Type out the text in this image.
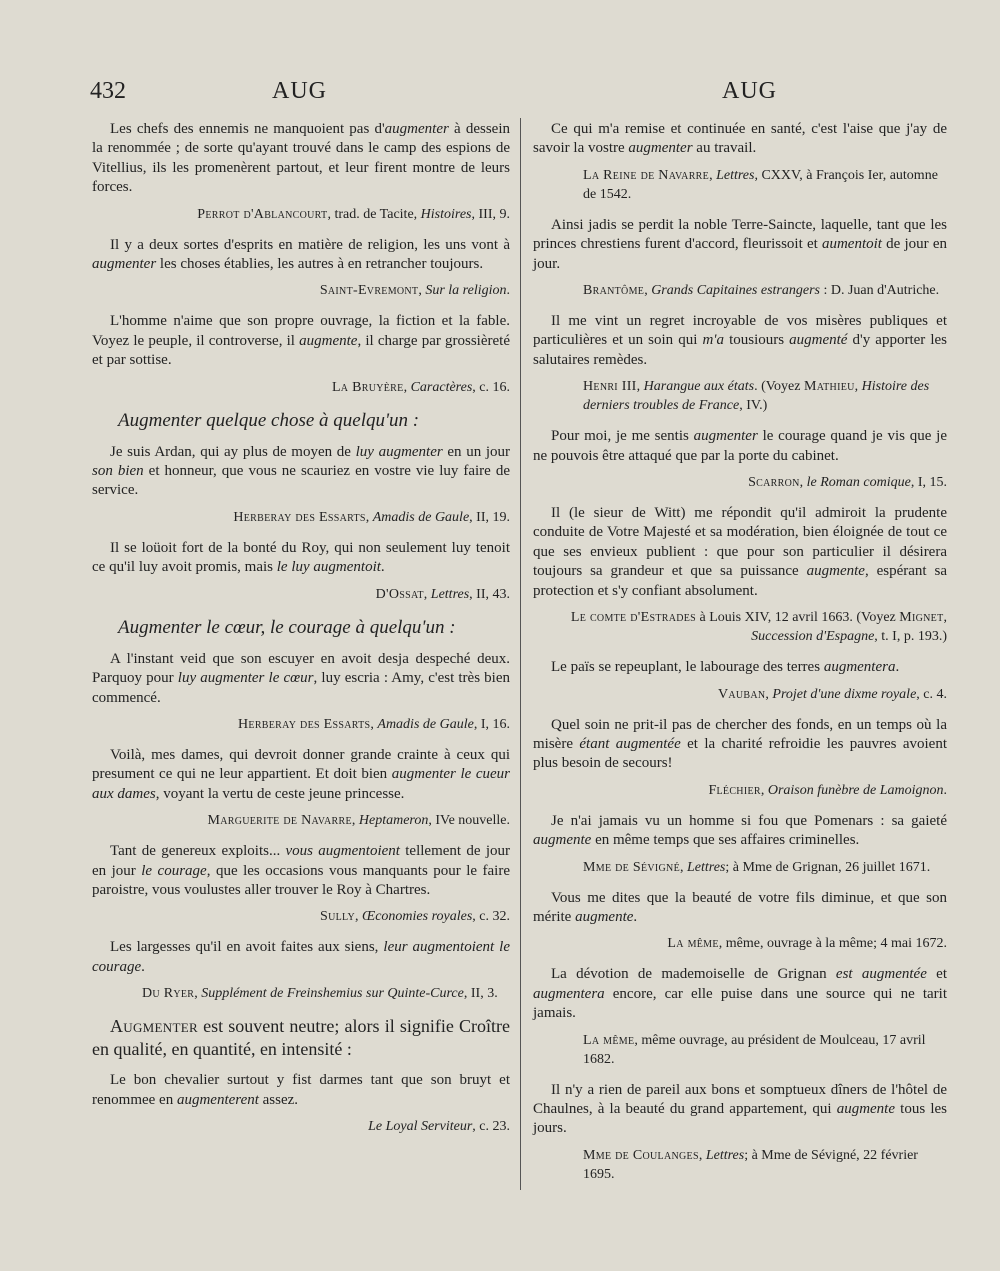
432	AUG	AUG

Les chefs des ennemis ne manquoient pas d'augmenter à dessein la renommée ; de sorte qu'ayant trouvé dans le camp des espions de Vitellius, ils les promenèrent partout, et leur firent montre de leurs forces.

Perrot d'Ablancourt, trad. de Tacite, Histoires, III, 9.

Il y a deux sortes d'esprits en matière de religion, les uns vont à augmenter les choses établies, les autres à en retrancher toujours.

Saint-Evremont, Sur la religion.

L'homme n'aime que son propre ouvrage, la fiction et la fable. Voyez le peuple, il controverse, il augmente, il charge par grossièreté et par sottise.

La Bruyère, Caractères, c. 16.

Augmenter quelque chose à quelqu'un :

Je suis Ardan, qui ay plus de moyen de luy augmenter en un jour son bien et honneur, que vous ne scauriez en vostre vie luy faire de service.

Herberay des Essarts, Amadis de Gaule, II, 19.

Il se loüoit fort de la bonté du Roy, qui non seulement luy tenoit ce qu'il luy avoit promis, mais le luy augmentoit.

D'Ossat, Lettres, II, 43.

Augmenter le cœur, le courage à quelqu'un :

A l'instant veid que son escuyer en avoit desja despeché deux. Parquoy pour luy augmenter le cœur, luy escria : Amy, c'est très bien commencé.

Herberay des Essarts, Amadis de Gaule, I, 16.

Voilà, mes dames, qui devroit donner grande crainte à ceux qui presument ce qui ne leur appartient. Et doit bien augmenter le cueur aux dames, voyant la vertu de ceste jeune princesse.

Marguerite de Navarre, Heptameron, IVe nouvelle.

Tant de genereux exploits... vous augmentoient tellement de jour en jour le courage, que les occasions vous manquants pour le faire paroistre, vous voulustes aller trouver le Roy à Chartres.

Sully, Œconomies royales, c. 32.

Les largesses qu'il en avoit faites aux siens, leur augmentoient le courage.

Du Ryer, Supplément de Freinshemius sur Quinte-Curce, II, 3.

Augmenter est souvent neutre; alors il signifie Croître en qualité, en quantité, en intensité :

Le bon chevalier surtout y fist darmes tant que son bruyt et renommee en augmenterent assez.

Le Loyal Serviteur, c. 23.

Ce qui m'a remise et continuée en santé, c'est l'aise que j'ay de savoir la vostre augmenter au travail.

La Reine de Navarre, Lettres, CXXV, à François Ier, automne de 1542.

Ainsi jadis se perdit la noble Terre-Saincte, laquelle, tant que les princes chrestiens furent d'accord, fleurissoit et aumentoit de jour en jour.

Brantôme, Grands Capitaines estrangers : D. Juan d'Autriche.

Il me vint un regret incroyable de vos misères publiques et particulières et un soin qui m'a tousiours augmenté d'y apporter les salutaires remèdes.

Henri III, Harangue aux états. (Voyez Mathieu, Histoire des derniers troubles de France, IV.)

Pour moi, je me sentis augmenter le courage quand je vis que je ne pouvois être attaqué que par la porte du cabinet.

Scarron, le Roman comique, I, 15.

Il (le sieur de Witt) me répondit qu'il admiroit la prudente conduite de Votre Majesté et sa modération, bien éloignée de tout ce que ses envieux publient : que pour son particulier il désirera toujours sa grandeur et que sa puissance augmente, espérant sa protection et s'y confiant absolument.

Le comte d'Estrades à Louis XIV, 12 avril 1663. (Voyez Mignet, Succession d'Espagne, t. I, p. 193.)

Le païs se repeuplant, le labourage des terres augmentera.

Vauban, Projet d'une dixme royale, c. 4.

Quel soin ne prit-il pas de chercher des fonds, en un temps où la misère étant augmentée et la charité refroidie les pauvres avoient plus besoin de secours!

Fléchier, Oraison funèbre de Lamoignon.

Je n'ai jamais vu un homme si fou que Pomenars : sa gaieté augmente en même temps que ses affaires criminelles.

Mme de Sévigné, Lettres; à Mme de Grignan, 26 juillet 1671.

Vous me dites que la beauté de votre fils diminue, et que son mérite augmente.

La même, même, ouvrage à la même; 4 mai 1672.

La dévotion de mademoiselle de Grignan est augmentée et augmentera encore, car elle puise dans une source qui ne tarit jamais.

La même, même ouvrage, au président de Moulceau, 17 avril 1682.

Il n'y a rien de pareil aux bons et somptueux dîners de l'hôtel de Chaulnes, à la beauté du grand appartement, qui augmente tous les jours.

Mme de Coulanges, Lettres; à Mme de Sévigné, 22 février 1695.
